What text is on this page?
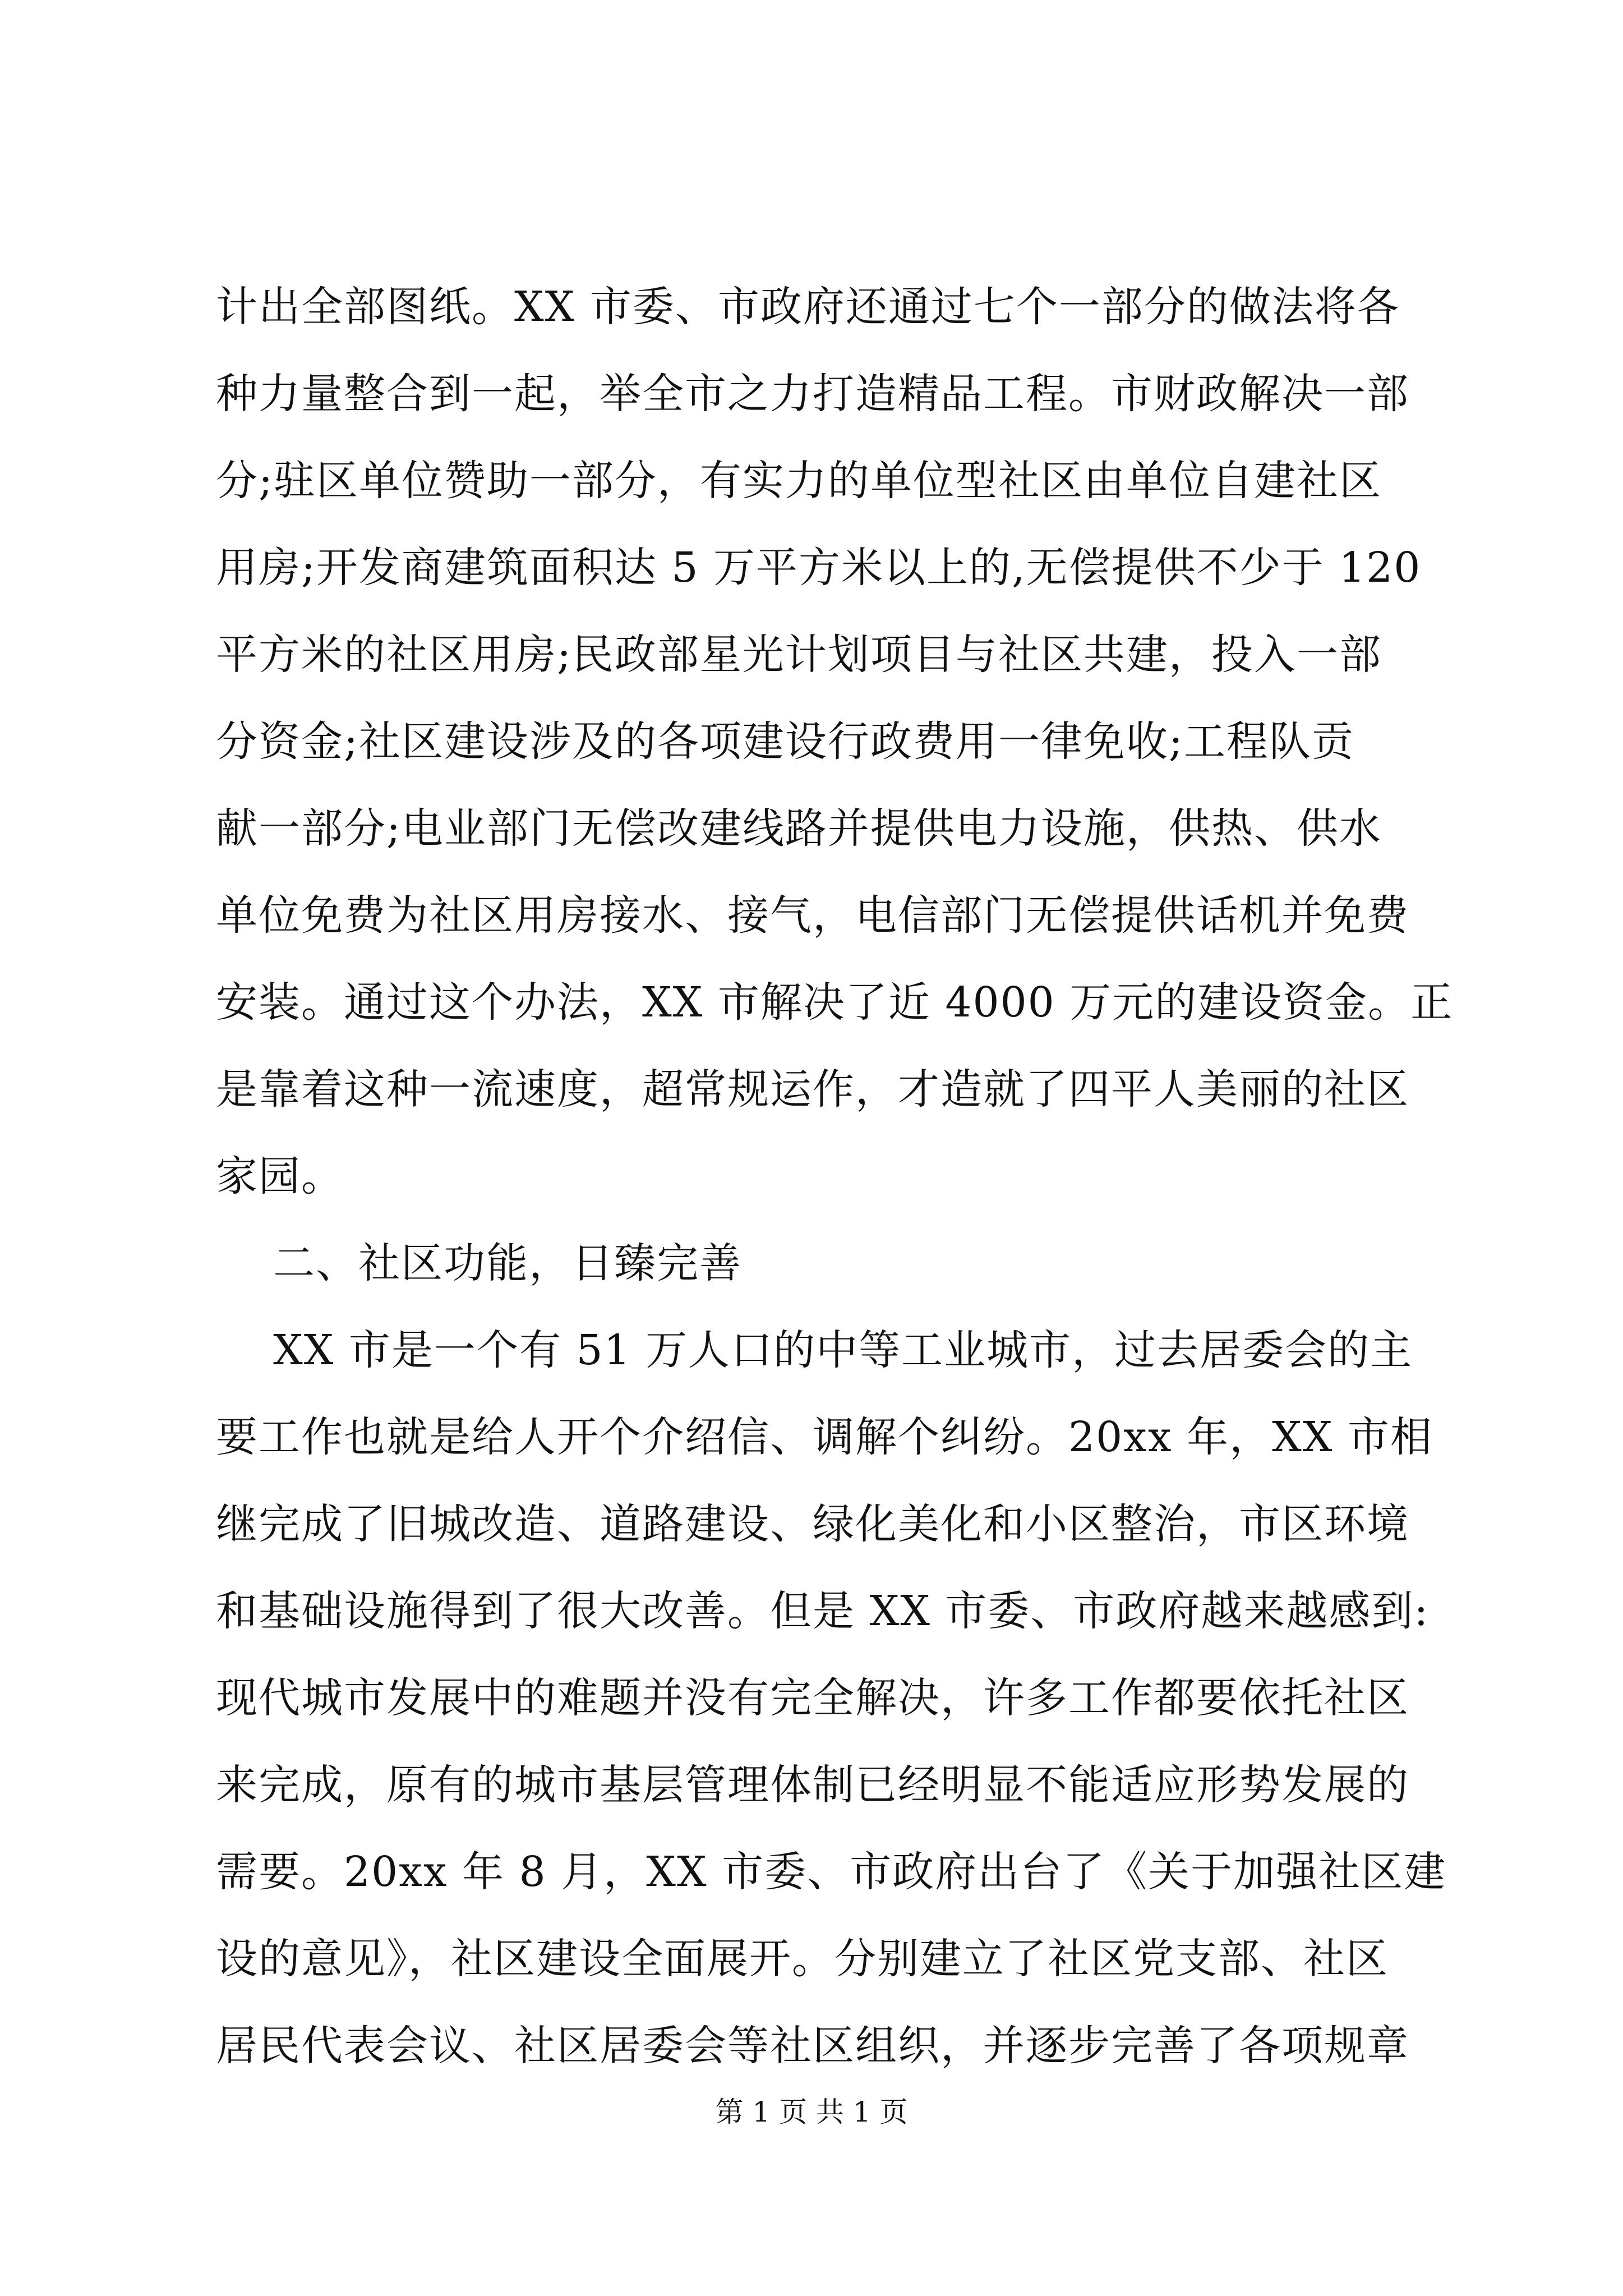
计出全部图纸。XX 市委、市政府还通过七个一部分的做法将各
种力量整合到一起，举全市之力打造精品工程。市财政解决一部
分;驻区单位赞助一部分，有实力的单位型社区由单位自建社区
用房;开发商建筑面积达 5 万平方米以上的,无偿提供不少于 120
平方米的社区用房;民政部星光计划项目与社区共建，投入一部
分资金;社区建设涉及的各项建设行政费用一律免收;工程队贡
献一部分;电业部门无偿改建线路并提供电力设施，供热、供水
单位免费为社区用房接水、接气，电信部门无偿提供话机并免费
安装。通过这个办法，XX 市解决了近 4000 万元的建设资金。正
是靠着这种一流速度，超常规运作，才造就了四平人美丽的社区
家园。
二、社区功能，日臻完善
XX 市是一个有 51 万人口的中等工业城市，过去居委会的主
要工作也就是给人开个介绍信、调解个纠纷。20xx 年，XX 市相
继完成了旧城改造、道路建设、绿化美化和小区整治，市区环境
和基础设施得到了很大改善。但是 XX 市委、市政府越来越感到:
现代城市发展中的难题并没有完全解决，许多工作都要依托社区
来完成，原有的城市基层管理体制已经明显不能适应形势发展的
需要。20xx 年 8 月，XX 市委、市政府出台了《关于加强社区建
设的意见》，社区建设全面展开。分别建立了社区党支部、社区
居民代表会议、社区居委会等社区组织，并逐步完善了各项规章
第 1 页 共 1 页
